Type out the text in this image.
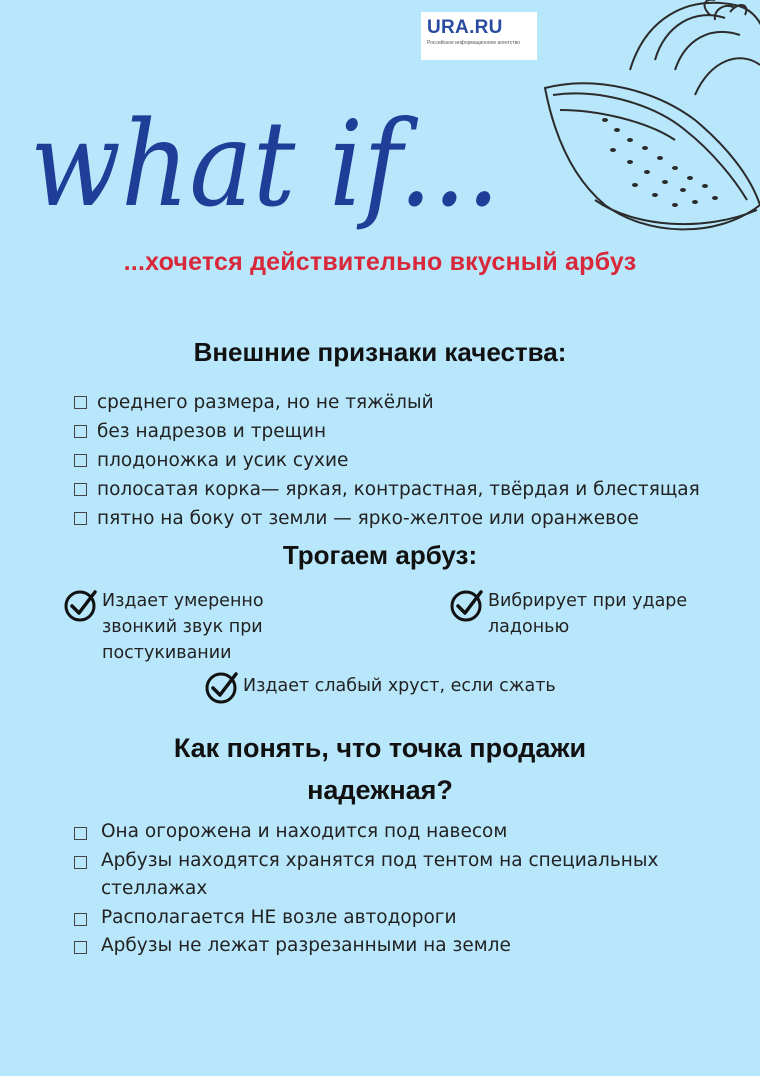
URA.RU
Российское информационное агентство
what if...
...хочется действительно вкусный арбуз
Внешние признаки качества:
среднего размера, но не тяжёлый
без надрезов и трещин
плодоножка и усик сухие
полосатая корка— яркая, контрастная, твёрдая и блестящая
пятно на боку от земли — ярко-желтое или оранжевое
Трогаем арбуз:
Издает умеренно
звонкий звук при
постукивании
Вибрирует при ударе
ладонью
Издает слабый хруст, если сжать
Как понять, что точка продажи
надежная?
Она огорожена и находится под навесом
Арбузы находятся хранятся под тентом на специальных
стеллажах
Располагается НЕ возле автодороги
Арбузы не лежат разрезанными на земле
